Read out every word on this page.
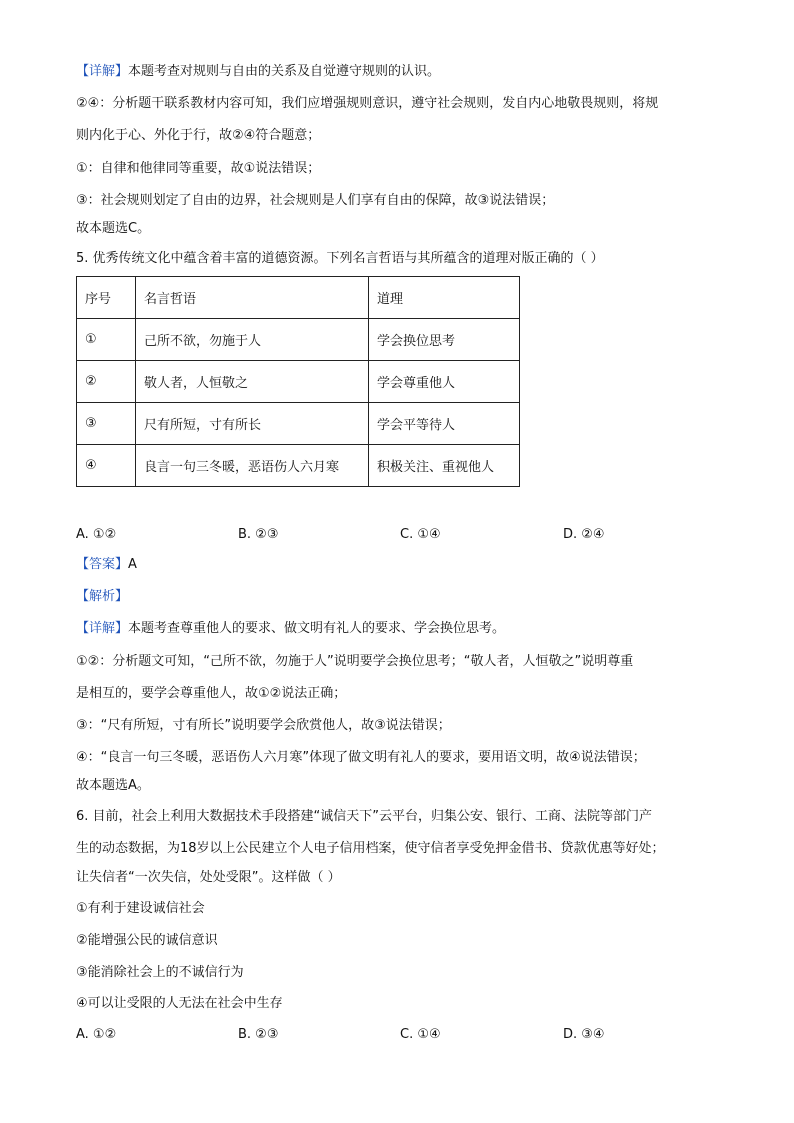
【详解】本题考查对规则与自由的关系及自觉遵守规则的认识。
②④：分析题干联系教材内容可知，我们应增强规则意识，遵守社会规则，发自内心地敬畏规则，将规
则内化于心、外化于行，故②④符合题意；
①：自律和他律同等重要，故①说法错误；
③：社会规则划定了自由的边界，社会规则是人们享有自由的保障，故③说法错误；
故本题选C。
5. 优秀传统文化中蕴含着丰富的道德资源。下列名言哲语与其所蕴含的道理对版正确的（ ）
序号	名言哲语	道理
①	己所不欲，勿施于人	学会换位思考
②	敬人者，人恒敬之	学会尊重他人
③	尺有所短，寸有所长	学会平等待人
④	良言一句三冬暖，恶语伤人六月寒	积极关注、重视他人
A. ①②	B. ②③	C. ①④	D. ②④
【答案】A
【解析】
【详解】本题考查尊重他人的要求、做文明有礼人的要求、学会换位思考。
①②：分析题文可知，“己所不欲，勿施于人”说明要学会换位思考；“敬人者，人恒敬之”说明尊重
是相互的，要学会尊重他人，故①②说法正确；
③：“尺有所短，寸有所长”说明要学会欣赏他人，故③说法错误；
④：“良言一句三冬暖，恶语伤人六月寒”体现了做文明有礼人的要求，要用语文明，故④说法错误；
故本题选A。
6. 目前，社会上利用大数据技术手段搭建“诚信天下”云平台，归集公安、银行、工商、法院等部门产
生的动态数据，为18岁以上公民建立个人电子信用档案，使守信者享受免押金借书、贷款优惠等好处；
让失信者“一次失信，处处受限”。这样做（ ）
①有利于建设诚信社会
②能增强公民的诚信意识
③能消除社会上的不诚信行为
④可以让受限的人无法在社会中生存
A. ①②	B. ②③	C. ①④	D. ③④
